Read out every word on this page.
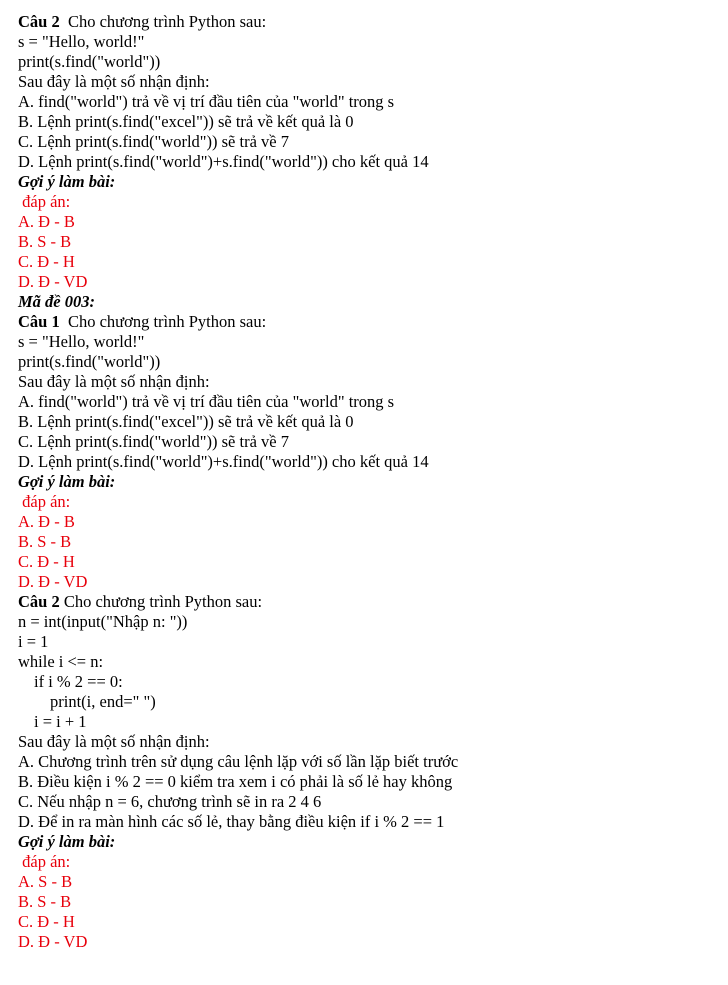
Câu 2  Cho chương trình Python sau:
s = "Hello, world!"
print(s.find("world"))
Sau đây là một số nhận định:
A. find("world") trả về vị trí đầu tiên của "world" trong s
B. Lệnh print(s.find("excel")) sẽ trả về kết quả là 0
C. Lệnh print(s.find("world")) sẽ trả về 7
D. Lệnh print(s.find("world")+s.find("world")) cho kết quả 14
Gợi ý làm bài:
đáp án:
A. Đ - B
B. S - B
C. Đ - H
D. Đ - VD
Mã đề 003:
Câu 1  Cho chương trình Python sau:
s = "Hello, world!"
print(s.find("world"))
Sau đây là một số nhận định:
A. find("world") trả về vị trí đầu tiên của "world" trong s
B. Lệnh print(s.find("excel")) sẽ trả về kết quả là 0
C. Lệnh print(s.find("world")) sẽ trả về 7
D. Lệnh print(s.find("world")+s.find("world")) cho kết quả 14
Gợi ý làm bài:
đáp án:
A. Đ - B
B. S - B
C. Đ - H
D. Đ - VD
Câu 2 Cho chương trình Python sau:
n = int(input("Nhập n: "))
i = 1
while i <= n:
if i % 2 == 0:
print(i, end=" ")
i = i + 1
Sau đây là một số nhận định:
A. Chương trình trên sử dụng câu lệnh lặp với số lần lặp biết trước
B. Điều kiện i % 2 == 0 kiểm tra xem i có phải là số lẻ hay không
C. Nếu nhập n = 6, chương trình sẽ in ra 2 4 6
D. Để in ra màn hình các số lẻ, thay bằng điều kiện if i % 2 == 1
Gợi ý làm bài:
đáp án:
A. S - B
B. S - B
C. Đ - H
D. Đ - VD
